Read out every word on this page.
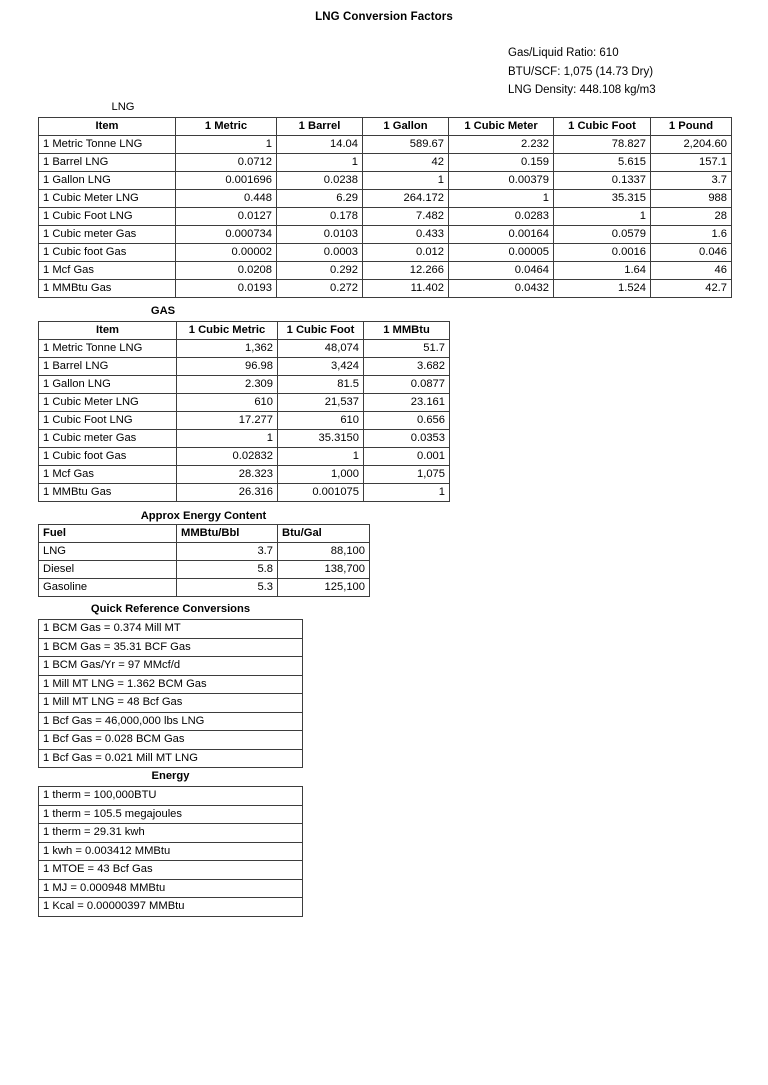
LNG Conversion Factors
Gas/Liquid Ratio: 610
BTU/SCF: 1,075 (14.73 Dry)
LNG Density: 448.108 kg/m3
LNG
Item	1 Metric	1 Barrel	1 Gallon	1 Cubic Meter	1 Cubic Foot	1 Pound
1 Metric Tonne LNG	1	14.04	589.67	2.232	78.827	2,204.60
1 Barrel LNG	0.0712	1	42	0.159	5.615	157.1
1 Gallon LNG	0.001696	0.0238	1	0.00379	0.1337	3.7
1 Cubic Meter LNG	0.448	6.29	264.172	1	35.315	988
1 Cubic Foot LNG	0.0127	0.178	7.482	0.0283	1	28
1 Cubic meter Gas	0.000734	0.0103	0.433	0.00164	0.0579	1.6
1 Cubic foot Gas	0.00002	0.0003	0.012	0.00005	0.0016	0.046
1 Mcf Gas	0.0208	0.292	12.266	0.0464	1.64	46
1 MMBtu Gas	0.0193	0.272	11.402	0.0432	1.524	42.7
GAS
Item	1 Cubic Metric	1 Cubic Foot	1 MMBtu
1 Metric Tonne LNG	1,362	48,074	51.7
1 Barrel LNG	96.98	3,424	3.682
1 Gallon LNG	2.309	81.5	0.0877
1 Cubic Meter LNG	610	21,537	23.161
1 Cubic Foot LNG	17.277	610	0.656
1 Cubic meter Gas	1	35.3150	0.0353
1 Cubic foot Gas	0.02832	1	0.001
1 Mcf Gas	28.323	1,000	1,075
1 MMBtu Gas	26.316	0.001075	1
Approx Energy Content
Fuel	MMBtu/Bbl	Btu/Gal
LNG	3.7	88,100
Diesel	5.8	138,700
Gasoline	5.3	125,100
Quick Reference Conversions
1 BCM Gas = 0.374 Mill MT
1 BCM Gas = 35.31 BCF Gas
1 BCM Gas/Yr = 97 MMcf/d
1 Mill MT LNG = 1.362 BCM Gas
1 Mill MT LNG = 48 Bcf Gas
1 Bcf Gas = 46,000,000 lbs LNG
1 Bcf Gas = 0.028 BCM Gas
1 Bcf Gas = 0.021 Mill MT LNG
Energy
1 therm = 100,000BTU
1 therm = 105.5 megajoules
1 therm = 29.31 kwh
1 kwh = 0.003412 MMBtu
1 MTOE = 43 Bcf Gas
1 MJ = 0.000948 MMBtu
1 Kcal = 0.00000397 MMBtu
